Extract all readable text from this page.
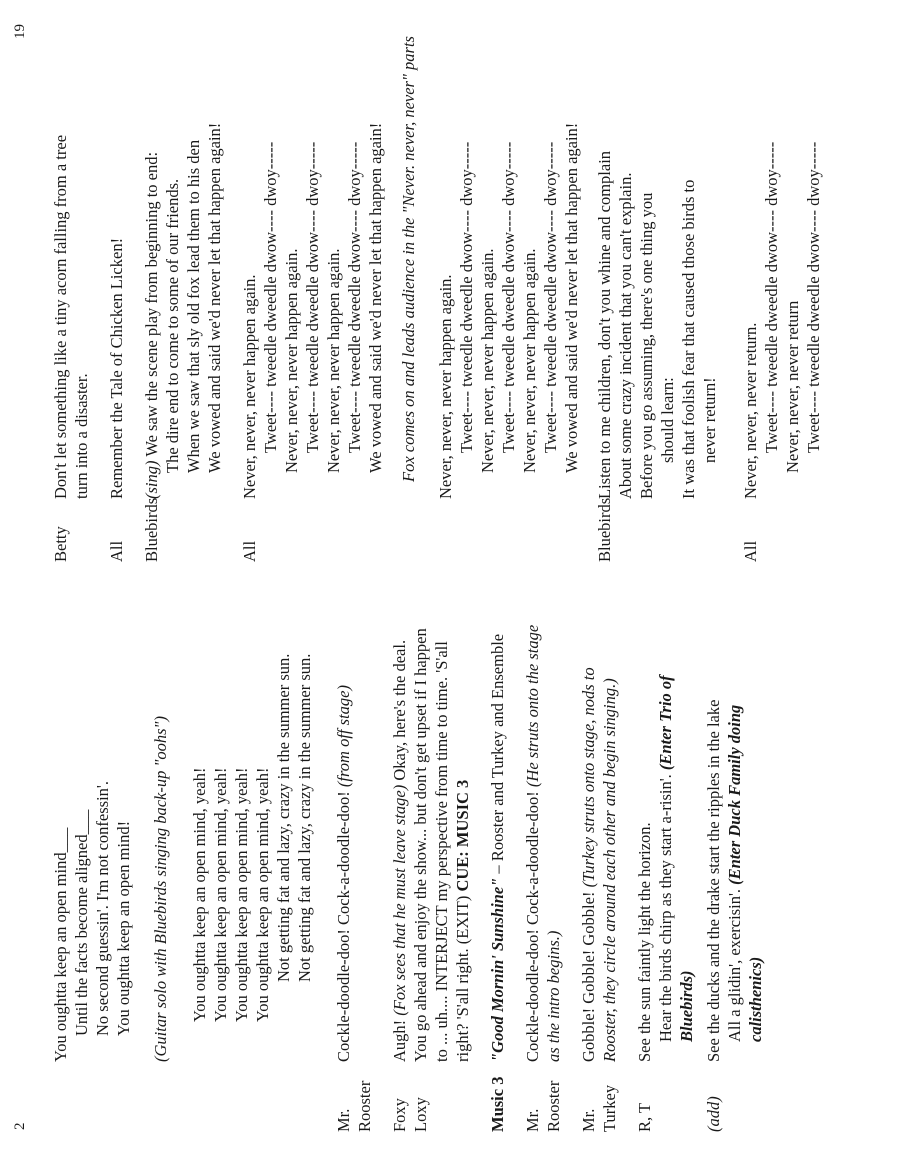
2
19
You oughtta keep an open mind___ Until the facts become aligned___ No second guessin'. I'm not confessin'. You oughtta keep an open mind! (Guitar solo with Bluebirds singing back-up "oohs") You oughtta keep an open mind, yeah! You oughtta keep an open mind, yeah! You oughtta keep an open mind, yeah! You oughtta keep an open mind, yeah! Not getting fat and lazy, crazy in the summer sun. Not getting fat and lazy, crazy in the summer sun.
Mr. Rooster
Cockle-doodle-doo! Cock-a-doodle-doo! (from off stage)
Foxy Loxy
Augh! (Fox sees that he must leave stage) Okay, here's the deal. You go ahead and enjoy the show... but don't get upset if I happen to ... uh.... INTERJECT my perspective from time to time. 'S'all right? 'S'all right. (EXIT) CUE: MUSIC 3
Music 3
"Good Mornin' Sunshine" – Rooster and Turkey and Ensemble
Mr. Rooster
Cockle-doodle-doo! Cock-a-doodle-doo! (He struts onto the stage as the intro begins.)
Mr. Turkey
Gobble! Gobble! Gobble! (Turkey struts onto stage, nods to Rooster, they circle around each other and begin singing.)
R, T
See the sun faintly light the horizon. Hear the birds chirp as they start a-risin'. (Enter Trio of Bluebirds)
(add)
See the ducks and the drake start the ripples in the lake All a glidin', exercisin'. (Enter Duck Family doing calisthenics)
Betty
Don't let something like a tiny acorn falling from a tree turn into a disaster.
All
Remember the Tale of Chicken Licken!
Bluebirds
(sing) We saw the scene play from beginning to end: The dire end to come to some of our friends. When we saw that sly old fox lead them to his den We vowed and said we'd never let that happen again!
All
Never, never, never happen again. Tweet---- tweedle dweedle dwow---- dwoy----- Never, never, never happen again. Tweet---- tweedle dweedle dwow---- dwoy----- Never, never, never happen again. Tweet---- tweedle dweedle dwow---- dwoy----- We vowed and said we'd never let that happen again! Fox comes on and leads audience in the "Never. never, never" parts Never, never, never happen again. Tweet---- tweedle dweedle dwow---- dwoy----- Never, never, never happen again. Tweet---- tweedle dweedle dwow---- dwoy----- Never, never, never happen again. Tweet---- tweedle dweedle dwow---- dwoy----- We vowed and said we'd never let that happen again!
Bluebirds
Listen to me children, don't you whine and complain About some crazy incident that you can't explain. Before you go assuming, there's one thing you should learn: It was that foolish fear that caused those birds to never return!
All
Never, never, never return. Tweet---- tweedle dweedle dwow---- dwoy----- Never, never, never return Tweet---- tweedle dweedle dwow---- dwoy-----
